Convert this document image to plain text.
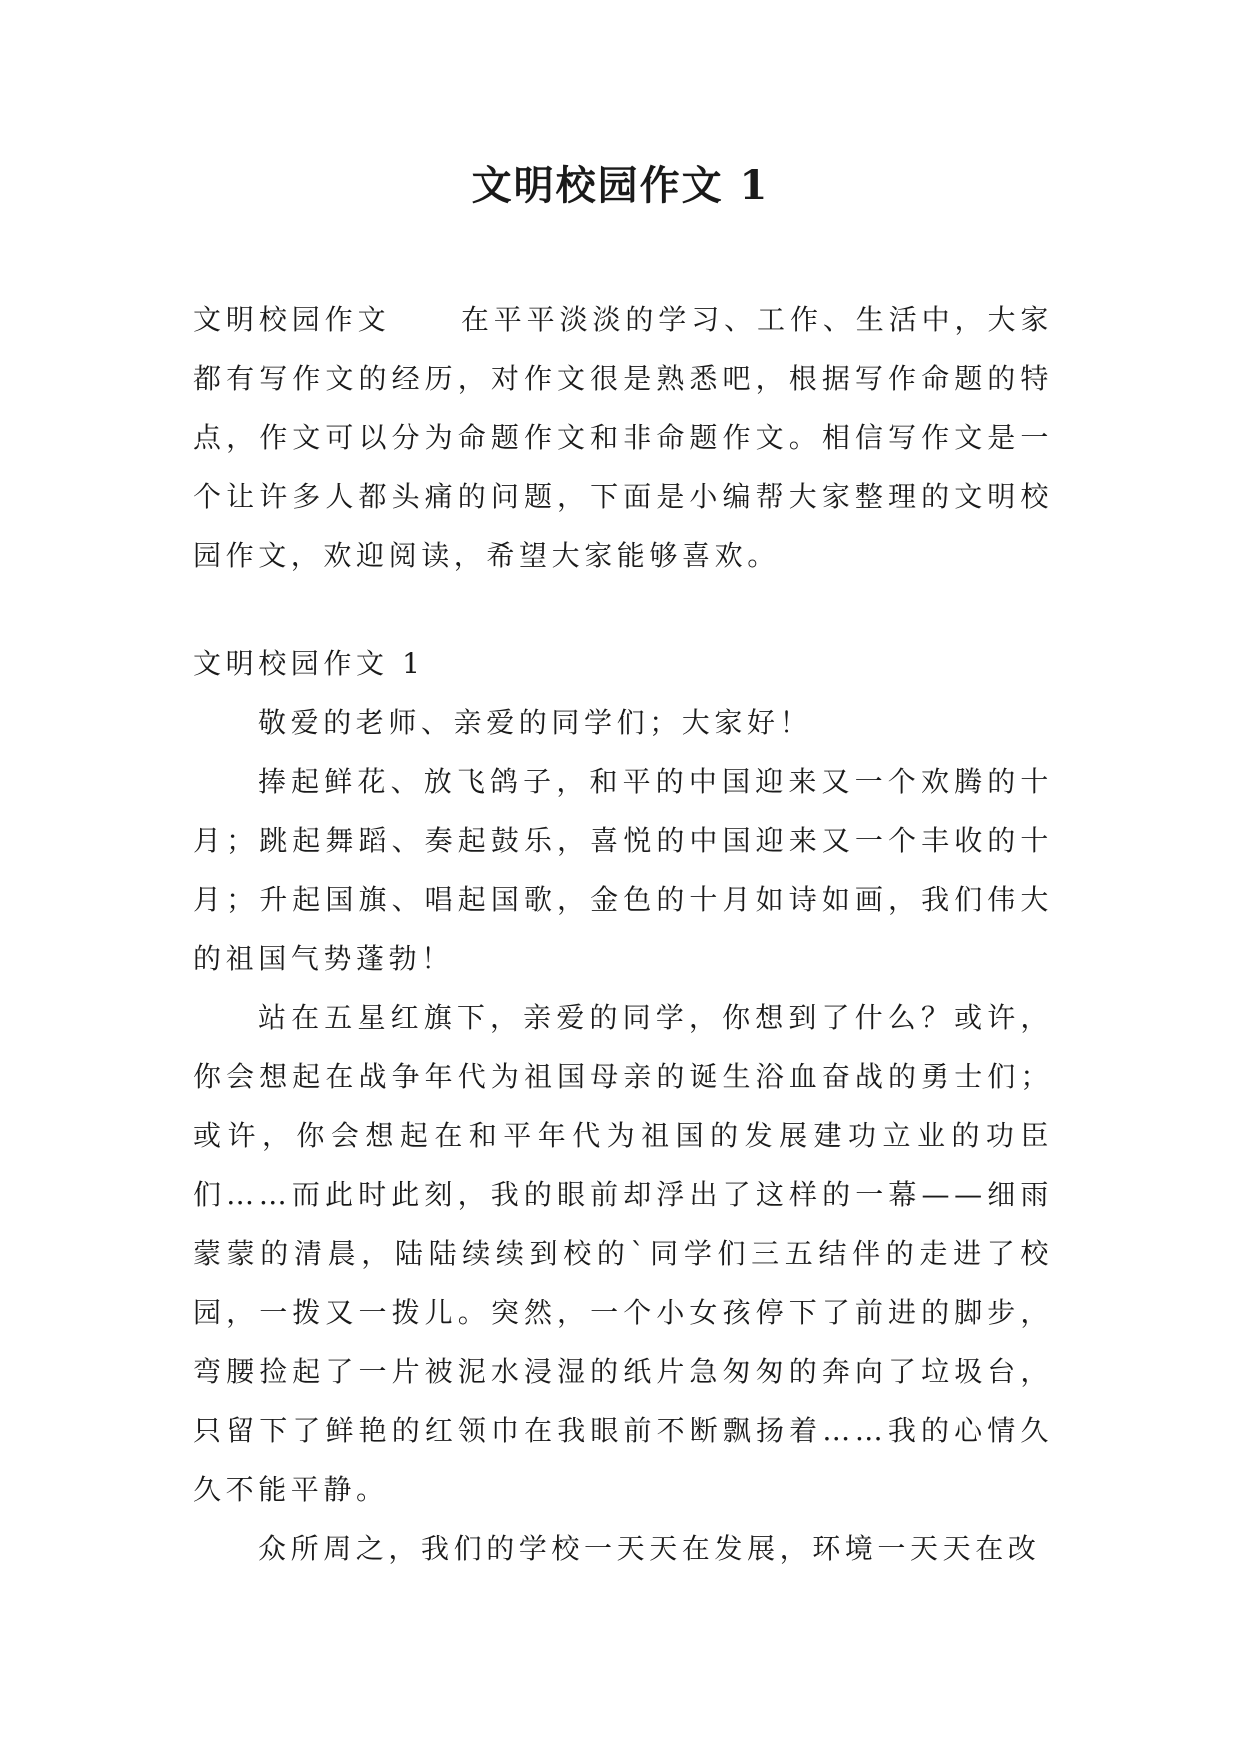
文明校园作文 1

文明校园作文	在平平淡淡的学习、工作、生活中，大家都有写作文的经历，对作文很是熟悉吧，根据写作命题的特点，作文可以分为命题作文和非命题作文。相信写作文是一个让许多人都头痛的问题，下面是小编帮大家整理的文明校园作文，欢迎阅读，希望大家能够喜欢。

文明校园作文 1

敬爱的老师、亲爱的同学们；大家好！

捧起鲜花、放飞鸽子，和平的中国迎来又一个欢腾的十月；跳起舞蹈、奏起鼓乐，喜悦的中国迎来又一个丰收的十月；升起国旗、唱起国歌，金色的十月如诗如画，我们伟大的祖国气势蓬勃！

站在五星红旗下，亲爱的同学，你想到了什么？或许，你会想起在战争年代为祖国母亲的诞生浴血奋战的勇士们；或许，你会想起在和平年代为祖国的发展建功立业的功臣们……而此时此刻，我的眼前却浮出了这样的一幕——细雨蒙蒙的清晨，陆陆续续到校的`同学们三五结伴的走进了校园，一拨又一拨儿。突然，一个小女孩停下了前进的脚步，弯腰捡起了一片被泥水浸湿的纸片急匆匆的奔向了垃圾台，只留下了鲜艳的红领巾在我眼前不断飘扬着……我的心情久久不能平静。

众所周之，我们的学校一天天在发展，环境一天天在改
